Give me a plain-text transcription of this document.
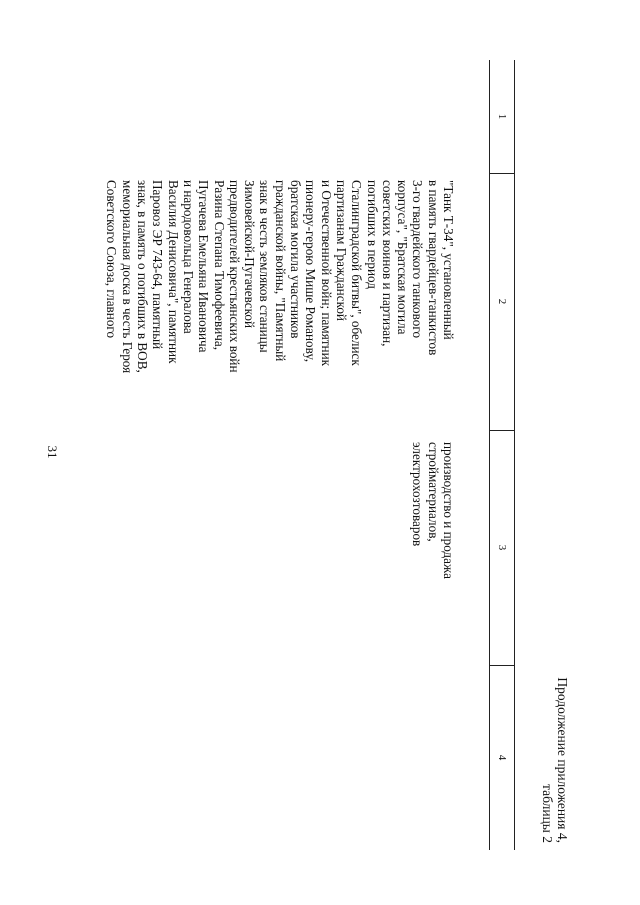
31
Продолжение приложения 4,
таблицы 2
1
2
3
4
"Танк Т-34", установленный
в память гвардейцев-танкистов
3-го гвардейского танкового
корпуса", "Братская могила
советских воинов и партизан,
погибших в период
Сталинградской битвы", обелиск
партизанам Гражданской
и Отечественной войн; памятник
пионеру-герою Мише Романову,
братская могила участников
гражданской войны, "Памятный
знак в честь земляков станицы
Зимовейской-Пугачевской
предводителей крестьянских войн
Разина Степана Тимофеевича,
Пугачева Емельяна Ивановича
и народовольца Генералова
Василия Денисовича", памятник
Паровоз ЭР 743-64, памятный
знак, в память о погибших в ВОВ,
мемориальная доска в честь Героя
Советского Союза, главного
производство и продажа
стройматериалов,
электрохозтоваров
